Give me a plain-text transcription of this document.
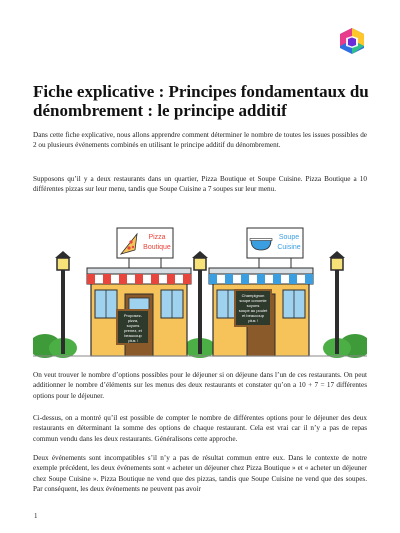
Fiche explicative : Principes fondamentaux du dénombrement : le principe additif

Dans cette fiche explicative, nous allons apprendre comment déterminer le nombre de toutes les issues possibles de 2 ou plusieurs événements combinés en utilisant le principe additif du dénombrement.

Supposons qu’il y a deux restaurants dans un quartier, Pizza Boutique et Soupe Cuisine. Pizza Boutique a 10 différentes pizzas sur leur menu, tandis que Soupe Cuisine a 7 soupes sur leur menu.

Proposez-
pizza,
soyons
prenez, et
beaucoup
plus !
Pizza
Boutique
Champignon
soupe conomie
soyons
soupe au poulet
et beaucoup
plus !
Soupe
Cuisine

On veut trouver le nombre d’options possibles pour le déjeuner si on déjeune dans l’un de ces restaurants. On peut additionner le nombre d’éléments sur les menus des deux restaurants et constater qu’on a 10 + 7 = 17 différentes options pour le déjeuner.

Ci-dessus, on a montré qu’il est possible de compter le nombre de différentes options pour le déjeuner des deux restaurants en déterminant la somme des options de chaque restaurant. Cela est vrai car il n’y a pas de repas commun vendu dans les deux restaurants. Généralisons cette approche.

Deux événements sont incompatibles s’il n’y a pas de résultat commun entre eux. Dans le contexte de notre exemple précédent, les deux événements sont « acheter un déjeuner chez Pizza Boutique » et « acheter un déjeuner chez Soupe Cuisine ». Pizza Boutique ne vend que des pizzas, tandis que Soupe Cuisine ne vend que des soupes. Par conséquent, les deux événements ne peuvent pas avoir

1
